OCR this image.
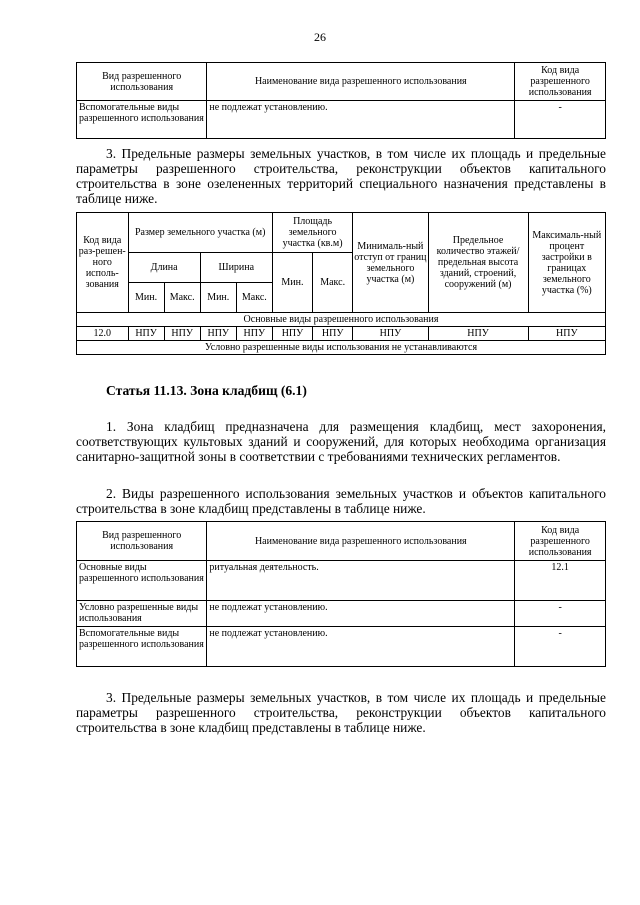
26
Вид разрешенного использования	Наименование вида разрешенного использования	Код вида разрешенного использования
Вспомогательные виды разрешенного использования	не подлежат установлению.	-
3. Предельные размеры земельных участков, в том числе их площадь и предельные параметры разрешенного строительства, реконструкции объектов капитального строительства в зоне озелененных территорий специального назначения представлены в таблице ниже.
Код вида раз-решен-ного исполь-зования	Размер земельного участка (м)				Площадь земельного участка (кв.м)		Минималь-ный отступ от границ земельного участка (м)	Предельное количество этажей/ предельная высота зданий, строений, сооружений (м)	Максималь-ный процент застройки в границах земельного участка (%)
	Длина		Ширина		Мин.	Макс.			
	Мин.	Макс.	Мин.	Макс.					
Основные виды разрешенного использования									
12.0	НПУ	НПУ	НПУ	НПУ	НПУ	НПУ	НПУ	НПУ	НПУ
Условно разрешенные виды использования не устанавливаются									
Статья 11.13. Зона кладбищ (6.1)
1. Зона кладбищ предназначена для размещения кладбищ, мест захоронения, соответствующих культовых зданий и сооружений, для которых необходима организация санитарно-защитной зоны в соответствии с требованиями технических регламентов.
2. Виды разрешенного использования земельных участков и объектов капитального строительства в зоне кладбищ представлены в таблице ниже.
Вид разрешенного использования	Наименование вида разрешенного использования	Код вида разрешенного использования
Основные виды разрешенного использования	ритуальная деятельность.	12.1
Условно разрешенные виды использования	не подлежат установлению.	-
Вспомогательные виды разрешенного использования	не подлежат установлению.	-
3. Предельные размеры земельных участков, в том числе их площадь и предельные параметры разрешенного строительства, реконструкции объектов капитального строительства в зоне кладбищ представлены в таблице ниже.
